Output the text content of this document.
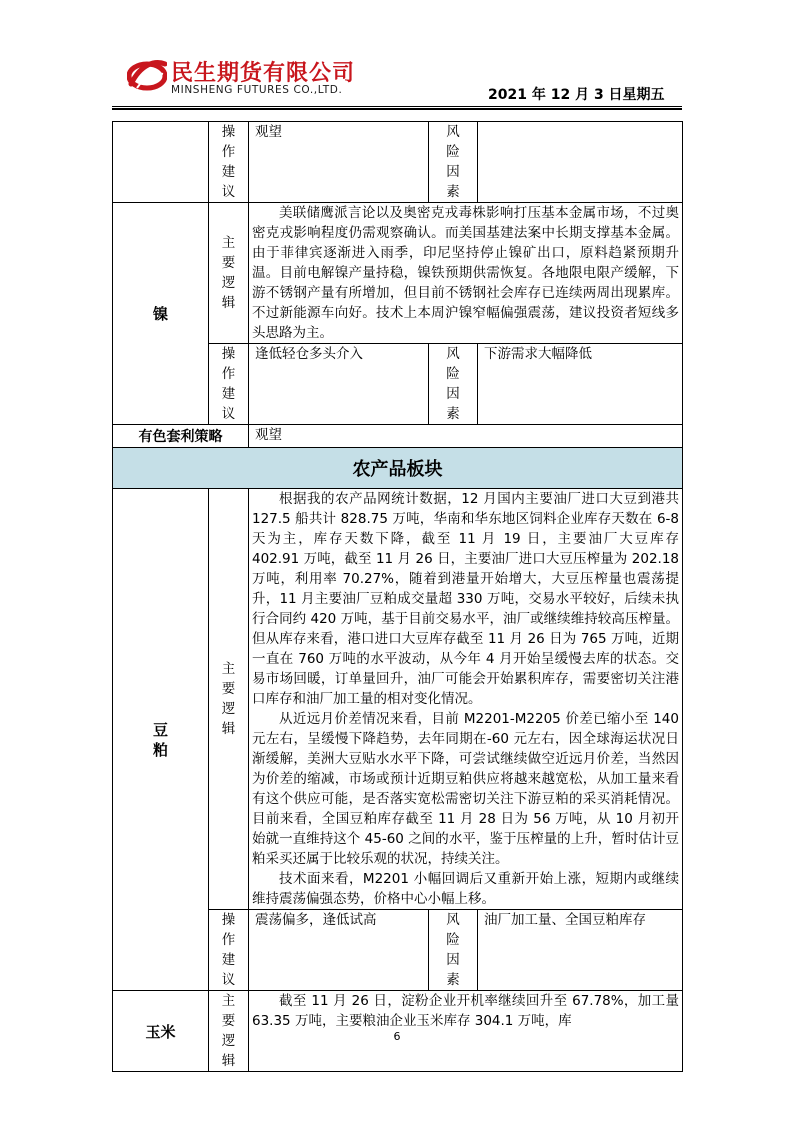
民生期货有限公司
MINSHENG FUTURES CO.,LTD.	2021 年 12 月 3 日星期五
	操作建议	观望	风险因素	
镍	主要逻辑	美联储鹰派言论以及奥密克戎毒株影响打压基本金属市场，不过奥密克戎影响程度仍需观察确认。而美国基建法案中长期支撑基本金属。由于菲律宾逐渐进入雨季，印尼坚持停止镍矿出口，原料趋紧预期升温。目前电解镍产量持稳，镍铁预期供需恢复。各地限电限产缓解，下游不锈钢产量有所增加，但目前不锈钢社会库存已连续两周出现累库。不过新能源车向好。技术上本周沪镍窄幅偏强震荡，建议投资者短线多头思路为主。		

	操作建议	逢低轻仓多头介入	风险因素	下游需求大幅降低
有色套利策略		观望		
农产品板块				
豆粕	主要逻辑	根据我的农产品网统计数据，12 月国内主要油厂进口大豆到港共 127.5 船共计 828.75 万吨，华南和华东地区饲料企业库存天数在 6-8 天为主，库存天数下降，截至 11 月 19 日，主要油厂大豆库存 402.91 万吨，截至 11 月 26 日，主要油厂进口大豆压榨量为 202.18 万吨，利用率 70.27%，随着到港量开始增大，大豆压榨量也震荡提升，11 月主要油厂豆粕成交量超 330 万吨，交易水平较好，后续未执行合同约 420 万吨，基于目前交易水平，油厂或继续维持较高压榨量。但从库存来看，港口进口大豆库存截至 11 月 26 日为 765 万吨，近期一直在 760 万吨的水平波动，从今年 4 月开始呈缓慢去库的状态。交易市场回暖，订单量回升，油厂可能会开始累积库存，需要密切关注港口库存和油厂加工量的相对变化情况。

从近远月价差情况来看，目前 M2201-M2205 价差已缩小至 140 元左右，呈缓慢下降趋势，去年同期在-60 元左右，因全球海运状况日渐缓解，美洲大豆贴水水平下降，可尝试继续做空近远月价差，当然因为价差的缩减，市场或预计近期豆粕供应将越来越宽松，从加工量来看有这个供应可能，是否落实宽松需密切关注下游豆粕的采买消耗情况。目前来看，全国豆粕库存截至 11 月 28 日为 56 万吨，从 10 月初开始就一直维持这个 45-60 之间的水平，鉴于压榨量的上升，暂时估计豆粕采买还属于比较乐观的状况，持续关注。

技术面来看，M2201 小幅回调后又重新开始上涨，短期内或继续维持震荡偏强态势，价格中心小幅上移。		

	操作建议	震荡偏多，逢低试高	风险因素	油厂加工量、全国豆粕库存
玉米	主要逻辑	截至 11 月 26 日，淀粉企业开机率继续回升至 67.78%，加工量 63.35 万吨，主要粮油企业玉米库存 304.1 万吨，库		

6
